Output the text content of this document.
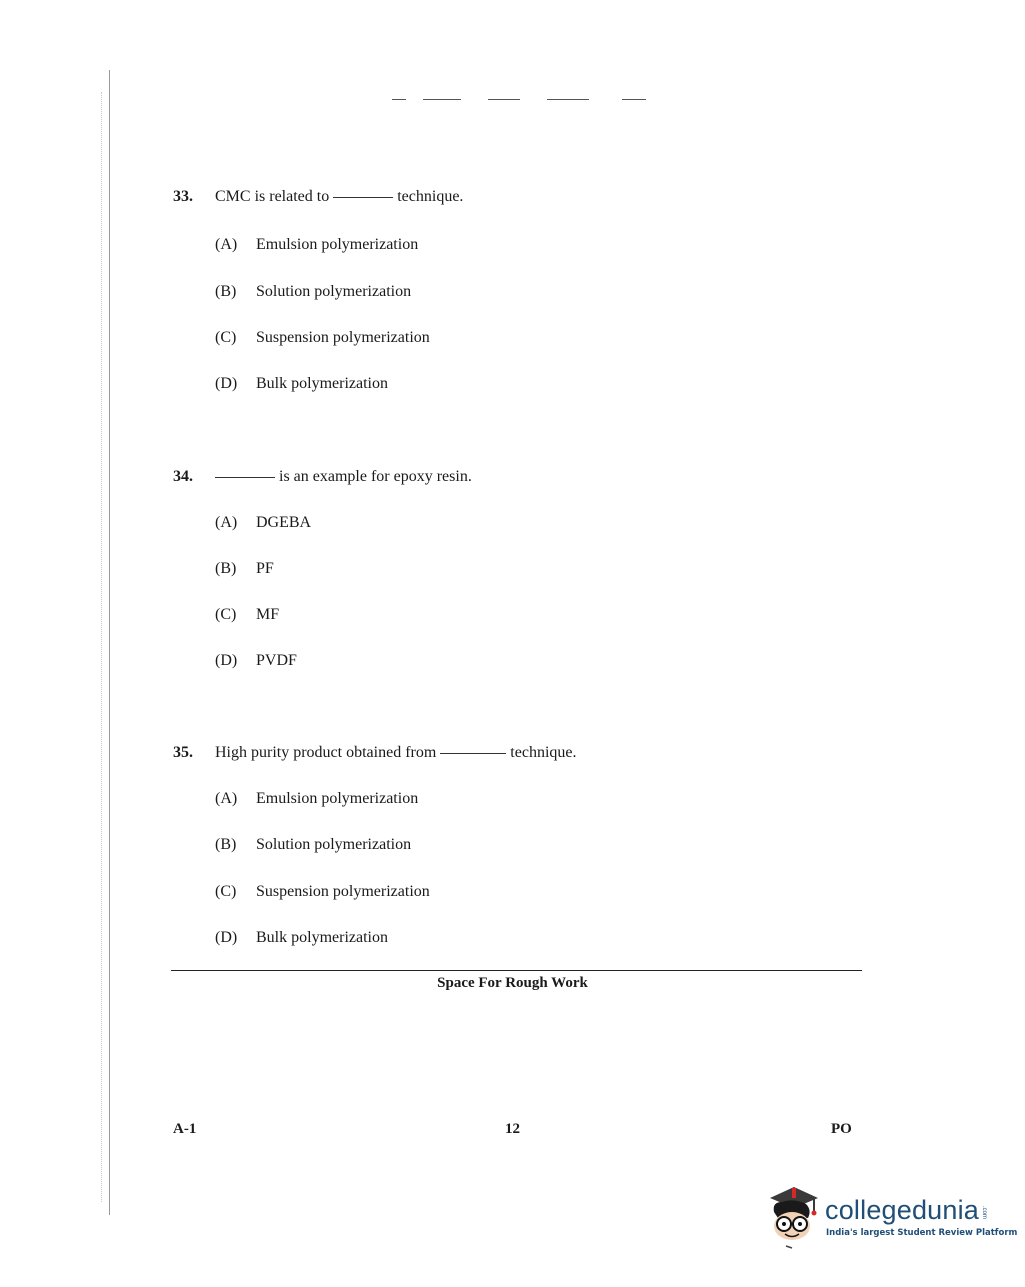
33. CMC is related to	technique.
(A) Emulsion polymerization
(B) Solution polymerization
(C) Suspension polymerization
(D) Bulk polymerization
34.	is an example for epoxy resin.
(A) DGEBA
(B) PF
(C) MF
(D) PVDF
35. High purity product obtained from	technique.
(A) Emulsion polymerization
(B) Solution polymerization
(C) Suspension polymerization
(D) Bulk polymerization
Space For Rough Work
A-1	12	PO
collegedunia .com
India's largest Student Review Platform
